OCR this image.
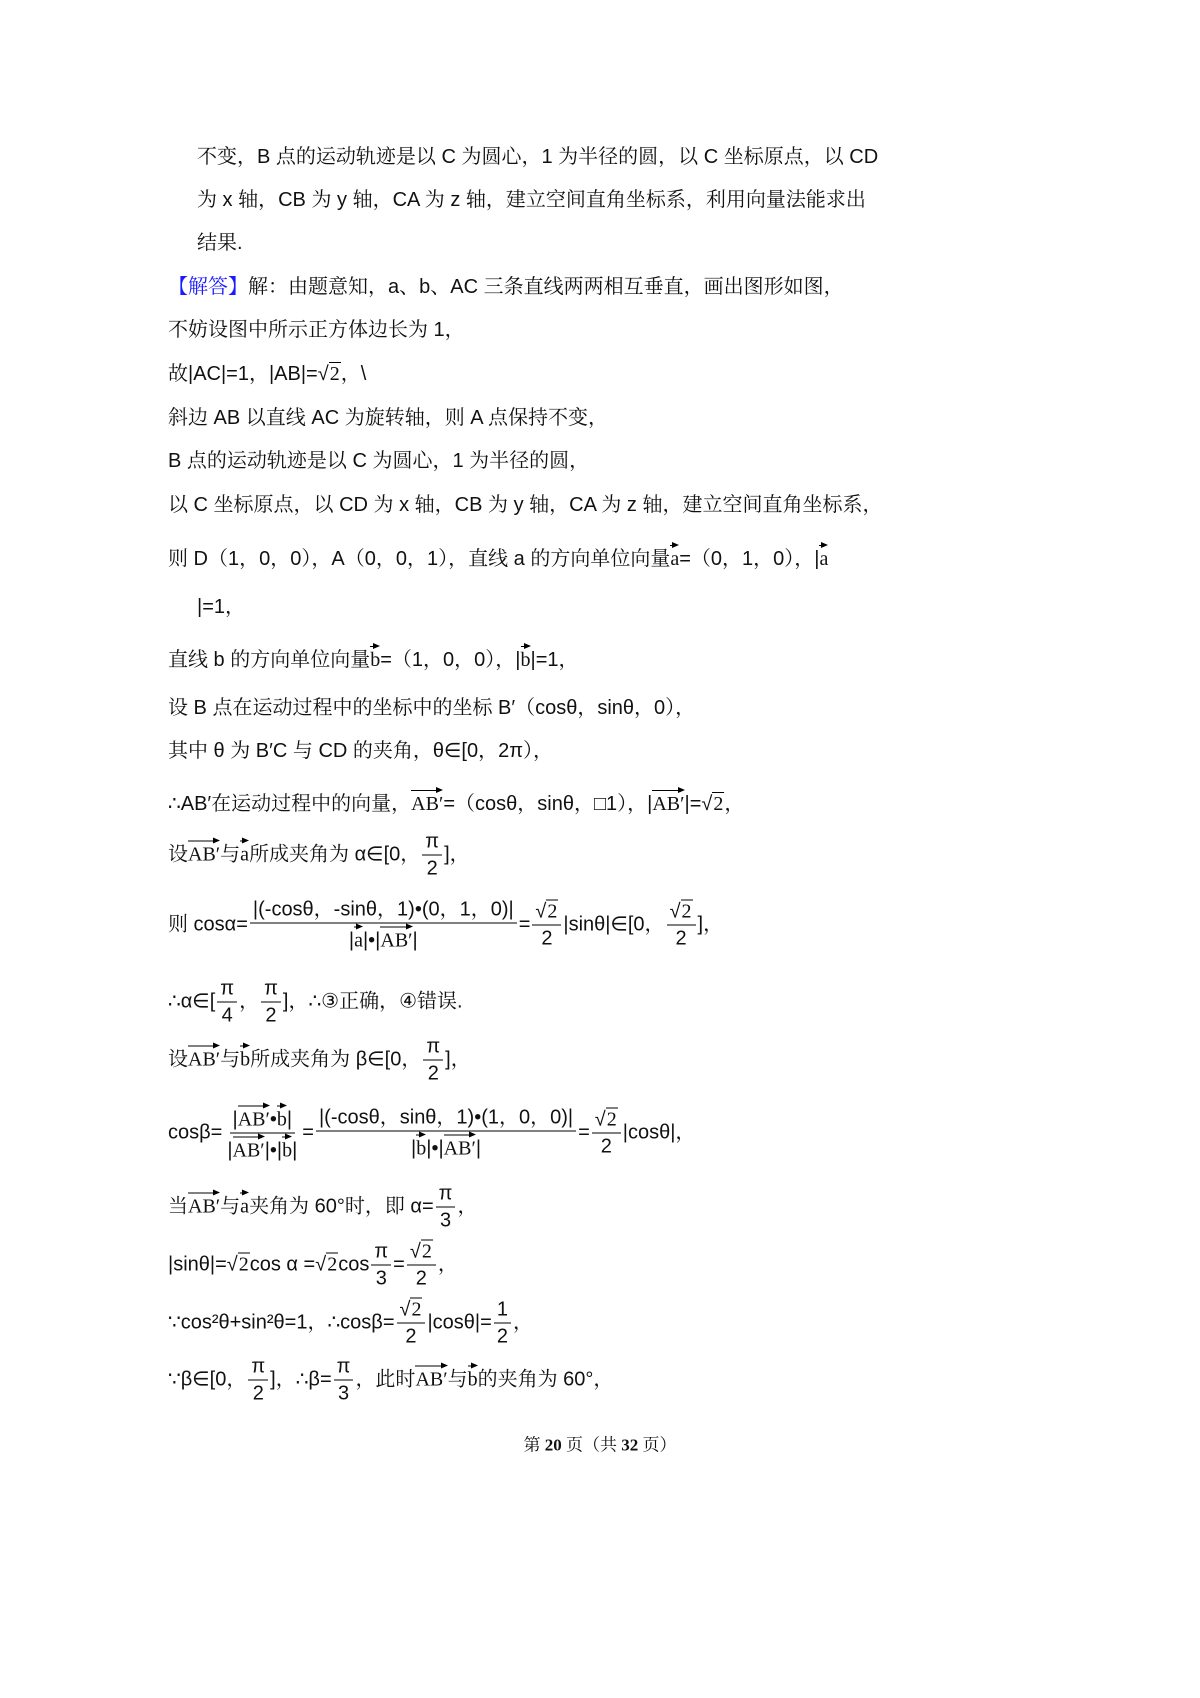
不变，B 点的运动轨迹是以 C 为圆心，1 为半径的圆，以 C 坐标原点，以 CD
为 x 轴，CB 为 y 轴，CA 为 z 轴，建立空间直角坐标系，利用向量法能求出
结果.
【解答】解：由题意知，a、b、AC 三条直线两两相互垂直，画出图形如图，
不妨设图中所示正方体边长为 1，
故|AC|=1，|AB|=√2，\
斜边 AB 以直线 AC 为旋转轴，则 A 点保持不变，
B 点的运动轨迹是以 C 为圆心，1 为半径的圆，
以 C 坐标原点，以 CD 为 x 轴，CB 为 y 轴，CA 为 z 轴，建立空间直角坐标系，
则 D（1，0，0），A（0，0，1），直线 a 的方向单位向量a=（0，1，0），|a
|=1，
直线 b 的方向单位向量b=（1，0，0），|b|=1，
设 B 点在运动过程中的坐标中的坐标 B′（cosθ，sinθ，0），
其中 θ 为 B′C 与 CD 的夹角，θ∈[0，2π），
∴AB′在运动过程中的向量，AB′=（cosθ，sinθ，□1），|AB′|=√2，
设AB′与a所成夹角为 α∈[0， $\frac{\pi}{2}$ ]，
则 $\cos\alpha= \frac{|(-\cos\theta,-\sin\theta,1)•(0,1,0)|}{|a|•|AB'|} = \frac{√2}{2}$ |sinθ|∈[0， $\frac{√2}{2}$ ]，
∴α∈[ $\frac{\pi}{4}$ ， $\frac{\pi}{2}$ ]，∴③正确，④错误.
设AB′与b所成夹角为 β∈[0， $\frac{\pi}{2}$ ]，
$\cos\beta= \frac{|AB'•b|}{|AB'|•|b|} = \frac{|(-\cos\theta,\sin\theta,1)•(1,0,0)|}{|b|•|AB'|} = \frac{√2}{2} |\cos\theta|$，
当AB′与a夹角为 60°时，即 $\alpha= \frac{\pi}{3}$ ，
|sinθ|=√2cos $\alpha =√2\cos \frac{\pi}{3} = \frac{√2}{2}$ ，
∵cos²θ+sin²θ=1，∴cosβ= $\frac{√2}{2} |\cos\theta|= \frac{1}{2}$ ，
∵β∈[0， $\frac{\pi}{2}$ ]，∴β= $\frac{\pi}{3}$ ，此时AB′与b的夹角为 60°，
第 20 页（共 32 页）
